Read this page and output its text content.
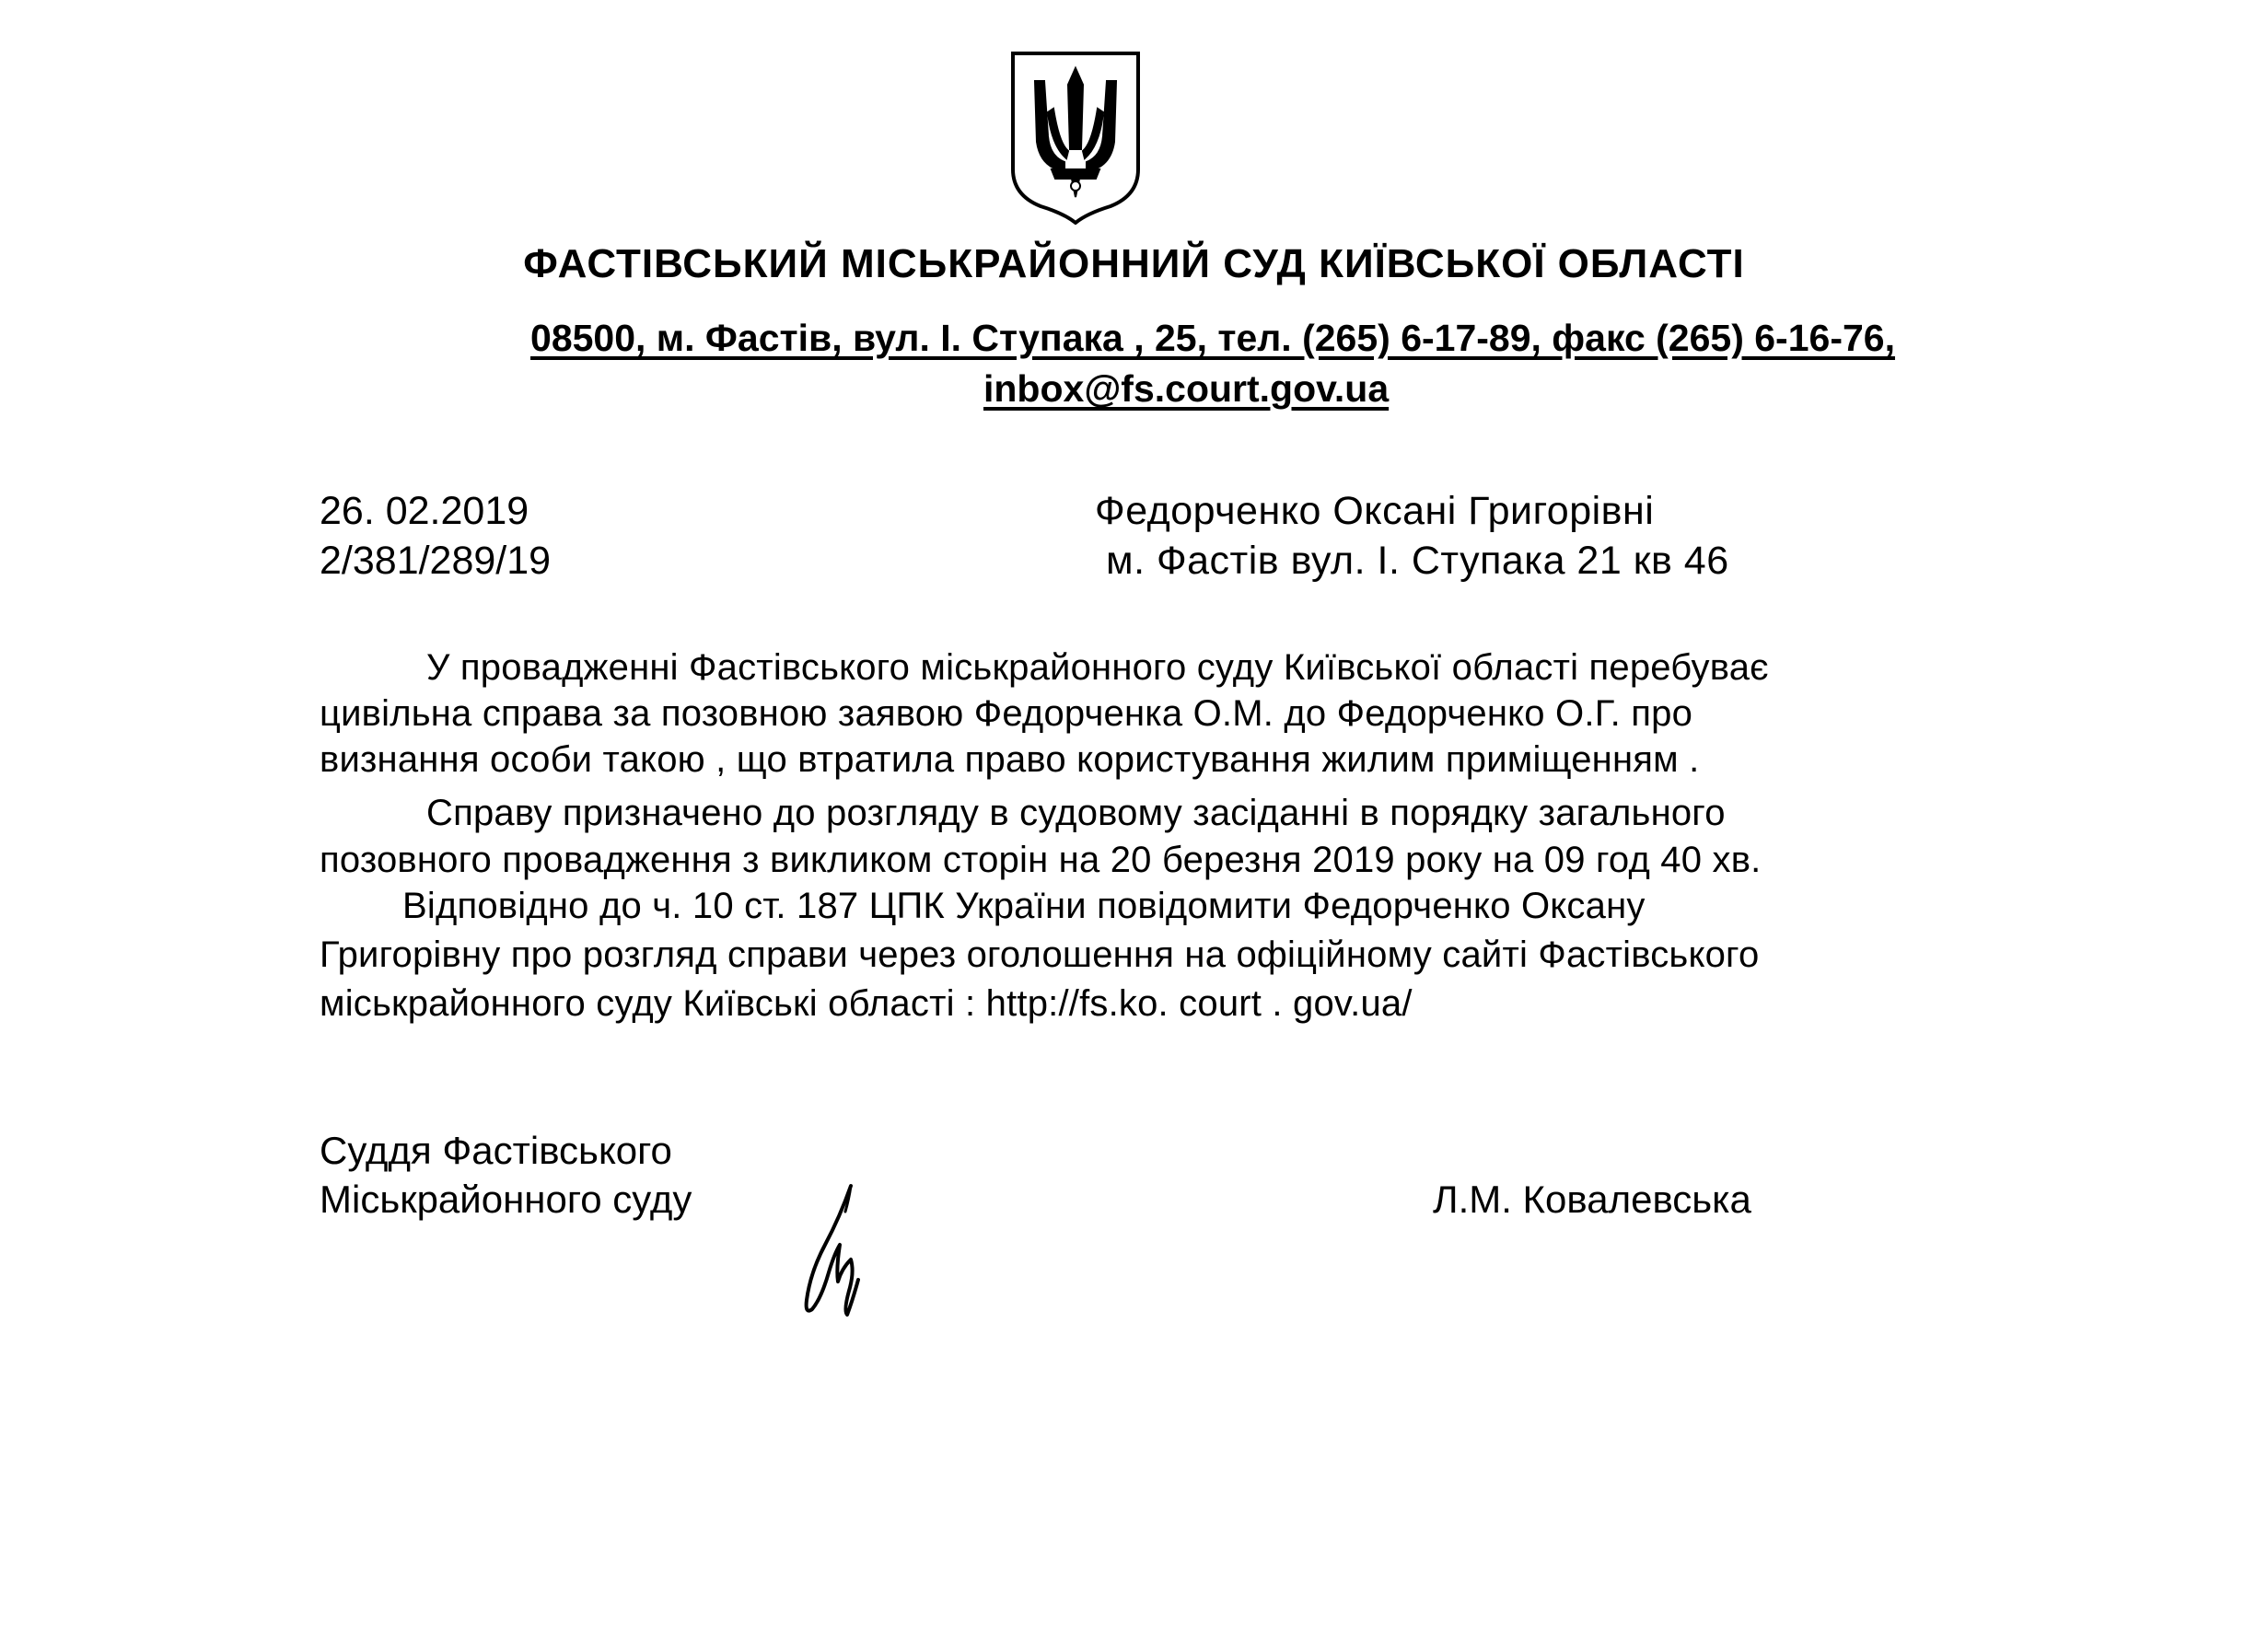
ФАСТІВСЬКИЙ МІСЬКРАЙОННИЙ СУД КИЇВСЬКОЇ ОБЛАСТІ
08500, м. Фастів, вул. І. Ступака , 25, тел. (265) 6-17-89, факс (265) 6-16-76,
inbox@fs.court.gov.ua
26. 02.2019
2/381/289/19
Федорченко Оксані Григорівні
м. Фастів вул. І. Ступака 21 кв 46
У провадженні Фастівського міськрайонного суду Київської області перебуває
цивільна справа за позовною заявою Федорченка О.М. до Федорченко О.Г. про
визнання особи такою , що втратила право користування жилим приміщенням .
Справу призначено до розгляду в судовому засіданні в порядку загального
позовного провадження з викликом сторін на 20 березня 2019 року на 09 год 40 хв.
Відповідно до ч. 10 ст. 187 ЦПК України повідомити Федорченко Оксану
Григорівну про розгляд справи через оголошення на офіційному сайті Фастівського
міськрайонного суду Київські області : http://fs.ko. court . gov.ua/
Суддя Фастівського
Міськрайонного суду	Л.М. Ковалевська
